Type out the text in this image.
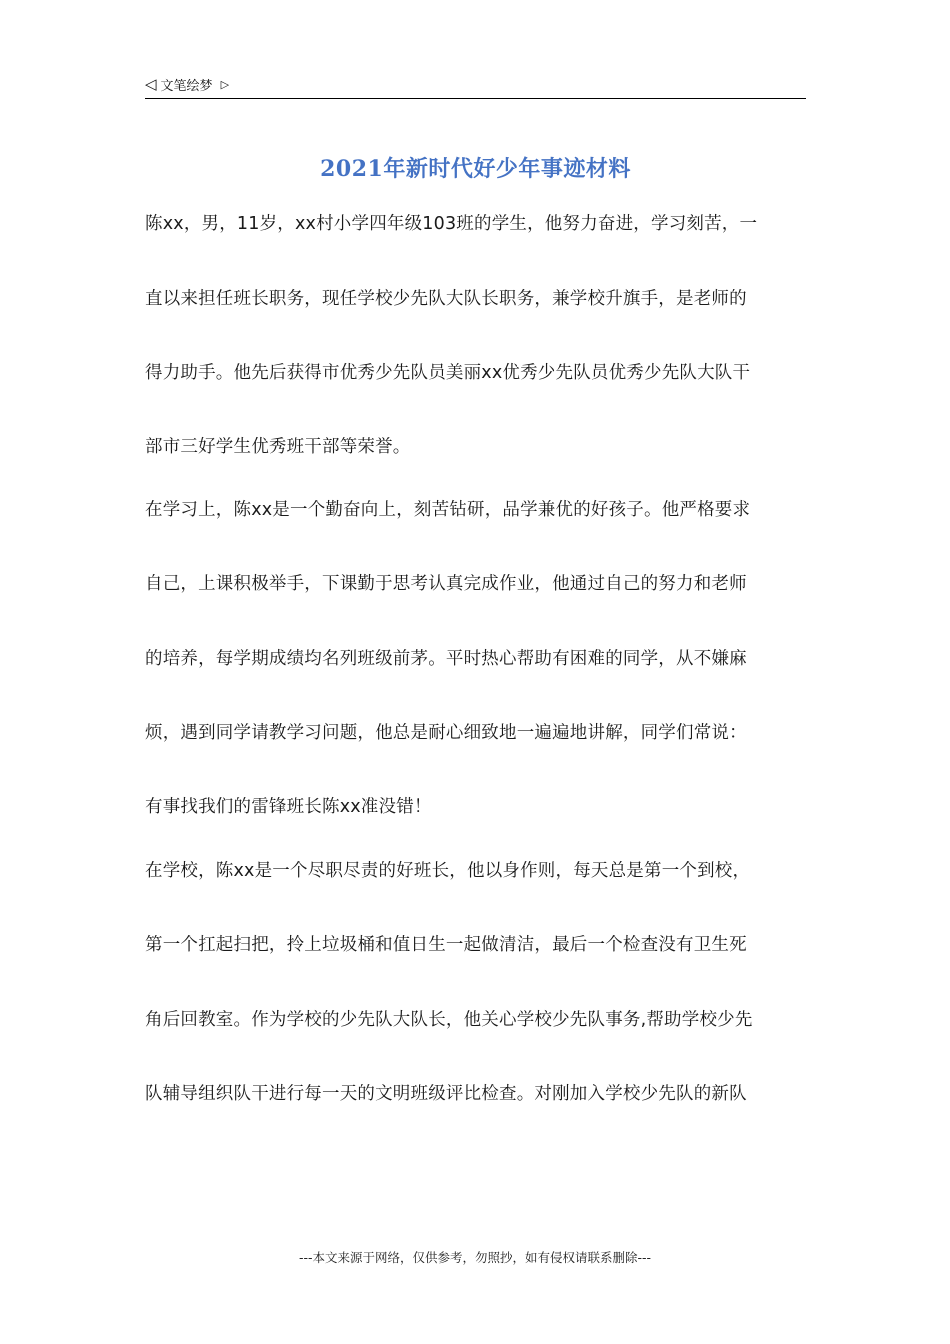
◁ 文笔绘梦 ▷
2021年新时代好少年事迹材料
陈xx，男，11岁，xx村小学四年级103班的学生，他努力奋进，学习刻苦，一
直以来担任班长职务，现任学校少先队大队长职务，兼学校升旗手，是老师的
得力助手。他先后获得市优秀少先队员美丽xx优秀少先队员优秀少先队大队干
部市三好学生优秀班干部等荣誉。
在学习上，陈xx是一个勤奋向上，刻苦钻研，品学兼优的好孩子。他严格要求
自己，上课积极举手，下课勤于思考认真完成作业，他通过自己的努力和老师
的培养，每学期成绩均名列班级前茅。平时热心帮助有困难的同学，从不嫌麻
烦，遇到同学请教学习问题，他总是耐心细致地一遍遍地讲解，同学们常说：
有事找我们的雷锋班长陈xx准没错！
在学校，陈xx是一个尽职尽责的好班长，他以身作则，每天总是第一个到校，
第一个扛起扫把，拎上垃圾桶和值日生一起做清洁，最后一个检查没有卫生死
角后回教室。作为学校的少先队大队长，他关心学校少先队事务,帮助学校少先
队辅导组织队干进行每一天的文明班级评比检查。对刚加入学校少先队的新队
---本文来源于网络，仅供参考，勿照抄，如有侵权请联系删除---
